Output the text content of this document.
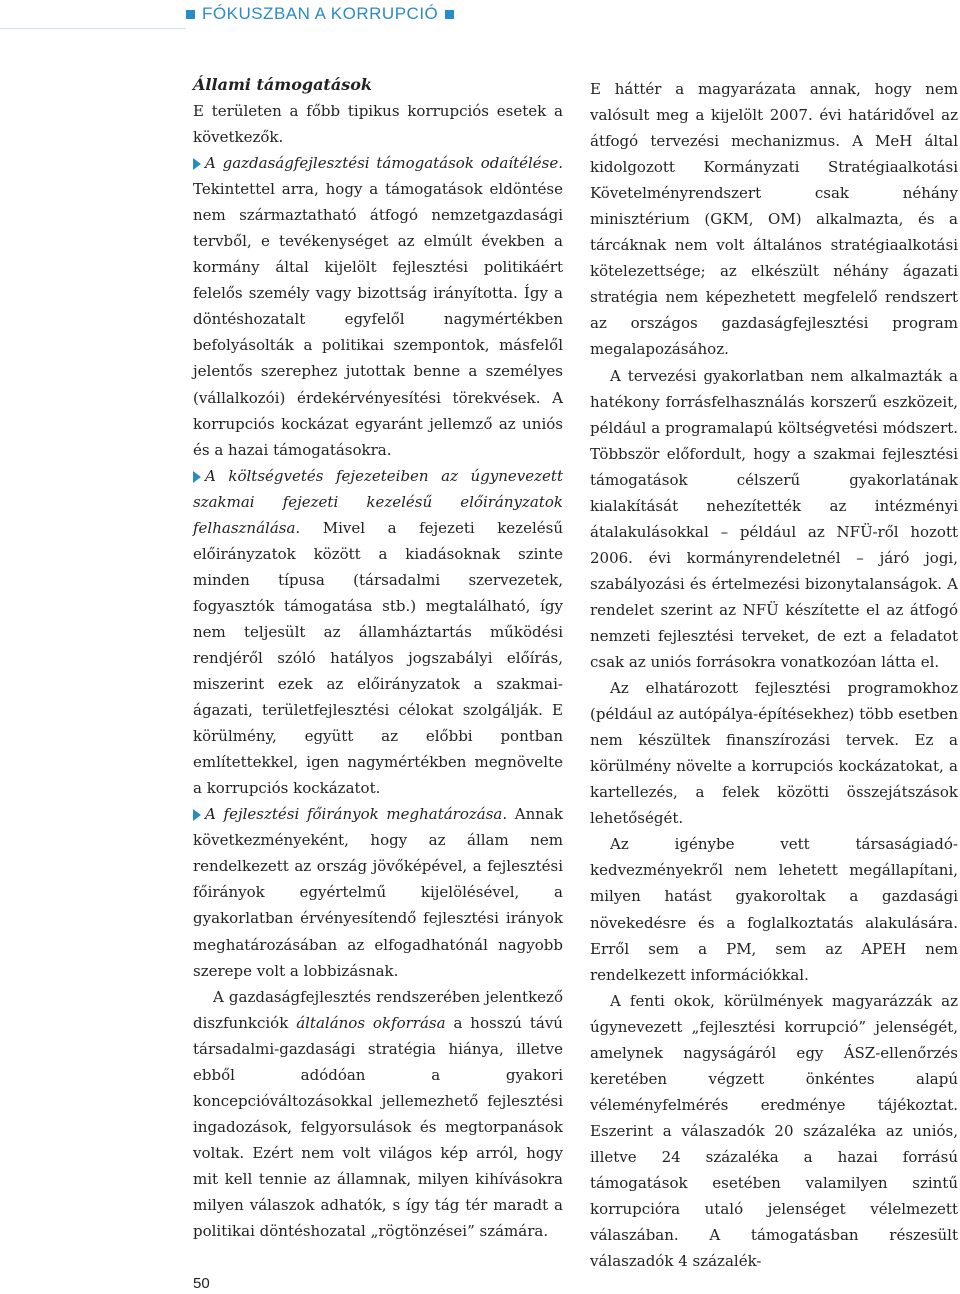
FÓKUSZBAN A KORRUPCIÓ

Állami támogatások

E területen a főbb tipikus korrupciós esetek a következők.

A gazdaságfejlesztési támogatások odaítélése. Tekintettel arra, hogy a támogatások eldöntése nem származtatható átfogó nemzetgazdasági tervből, e tevékenységet az elmúlt években a kormány által kijelölt fejlesztési politikáért felelős személy vagy bizottság irányította. Így a döntéshozatalt egyfelől nagymértékben befolyásolták a politikai szempontok, másfelől jelentős szerephez jutottak benne a személyes (vállalkozói) érdekérvényesítési törekvések. A korrupciós kockázat egyaránt jellemző az uniós és a hazai támogatásokra.

A költségvetés fejezeteiben az úgynevezett szakmai fejezeti kezelésű előirányzatok felhasználása. Mivel a fejezeti kezelésű előirányzatok között a kiadásoknak szinte minden típusa (társadalmi szervezetek, fogyasztók támogatása stb.) megtalálható, így nem teljesült az államháztartás működési rendjéről szóló hatályos jogszabályi előírás, miszerint ezek az előirányzatok a szakmai-ágazati, területfejlesztési célokat szolgálják. E körülmény, együtt az előbbi pontban említettekkel, igen nagymértékben megnövelte a korrupciós kockázatot.

A fejlesztési főirányok meghatározása. Annak következményeként, hogy az állam nem rendelkezett az ország jövőképével, a fejlesztési főirányok egyértelmű kijelölésével, a gyakorlatban érvényesítendő fejlesztési irányok meghatározásában az elfogadhatónál nagyobb szerepe volt a lobbizásnak.

A gazdaságfejlesztés rendszerében jelentkező diszfunkciók általános okforrása a hosszú távú társadalmi-gazdasági stratégia hiánya, illetve ebből adódóan a gyakori koncepcióváltozásokkal jellemezhető fejlesztési ingadozások, felgyorsulások és megtorpanások voltak. Ezért nem volt világos kép arról, hogy mit kell tennie az államnak, milyen kihívásokra milyen válaszok adhatók, s így tág tér maradt a politikai döntéshozatal „rögtönzései” számára.

E háttér a magyarázata annak, hogy nem valósult meg a kijelölt 2007. évi határidővel az átfogó tervezési mechanizmus. A MeH által kidolgozott Kormányzati Stratégiaalkotási Követelményrendszert csak néhány minisztérium (GKM, OM) alkalmazta, és a tárcáknak nem volt általános stratégiaalkotási kötelezettsége; az elkészült néhány ágazati stratégia nem képezhetett megfelelő rendszert az országos gazdaságfejlesztési program megalapozásához.

A tervezési gyakorlatban nem alkalmazták a hatékony forrásfelhasználás korszerű eszközeit, például a programalapú költségvetési módszert. Többször előfordult, hogy a szakmai fejlesztési támogatások célszerű gyakorlatának kialakítását nehezítették az intézményi átalakulásokkal – például az NFÜ-ről hozott 2006. évi kormányrendeletnél – járó jogi, szabályozási és értelmezési bizonytalanságok. A rendelet szerint az NFÜ készítette el az átfogó nemzeti fejlesztési terveket, de ezt a feladatot csak az uniós forrásokra vonatkozóan látta el.

Az elhatározott fejlesztési programokhoz (például az autópálya-építésekhez) több esetben nem készültek finanszírozási tervek. Ez a körülmény növelte a korrupciós kockázatokat, a kartellezés, a felek közötti összejátszások lehetőségét.

Az igénybe vett társaságiadó-kedvezményekről nem lehetett megállapítani, milyen hatást gyakoroltak a gazdasági növekedésre és a foglalkoztatás alakulására. Erről sem a PM, sem az APEH nem rendelkezett információkkal.

A fenti okok, körülmények magyarázzák az úgynevezett „fejlesztési korrupció” jelenségét, amelynek nagyságáról egy ÁSZ-ellenőrzés keretében végzett önkéntes alapú véleményfelmérés eredménye tájékoztat. Eszerint a válaszadók 20 százaléka az uniós, illetve 24 százaléka a hazai forrású támogatások esetében valamilyen szintű korrupcióra utaló jelenséget vélelmezett válaszában. A támogatásban részesült válaszadók 4 százalék-

50
